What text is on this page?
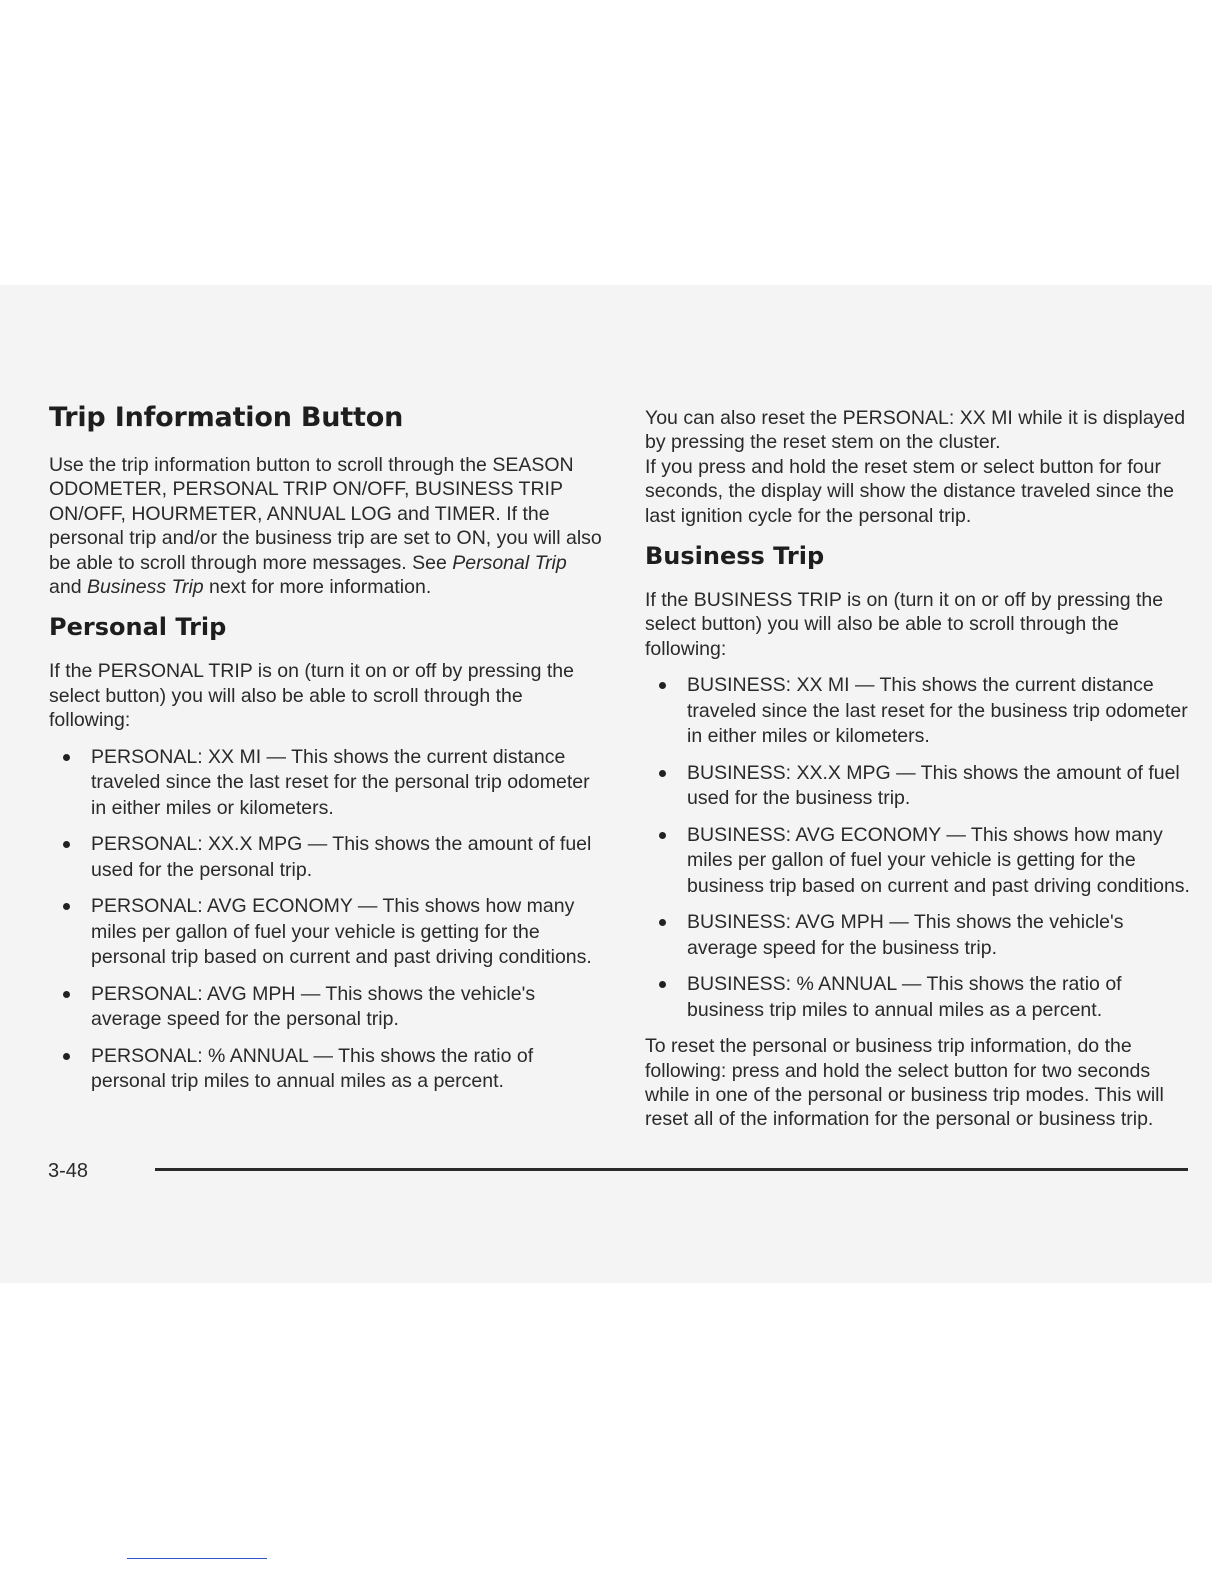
Trip Information Button

Use the trip information button to scroll through the SEASON ODOMETER, PERSONAL TRIP ON/OFF, BUSINESS TRIP ON/OFF, HOURMETER, ANNUAL LOG and TIMER. If the personal trip and/or the business trip are set to ON, you will also be able to scroll through more messages. See Personal Trip and Business Trip next for more information.

Personal Trip

If the PERSONAL TRIP is on (turn it on or off by pressing the select button) you will also be able to scroll through the following:

PERSONAL: XX MI — This shows the current distance traveled since the last reset for the personal trip odometer in either miles or kilometers.
PERSONAL: XX.X MPG — This shows the amount of fuel used for the personal trip.
PERSONAL: AVG ECONOMY — This shows how many miles per gallon of fuel your vehicle is getting for the personal trip based on current and past driving conditions.
PERSONAL: AVG MPH — This shows the vehicle's average speed for the personal trip.
PERSONAL: % ANNUAL — This shows the ratio of personal trip miles to annual miles as a percent.

You can also reset the PERSONAL: XX MI while it is displayed by pressing the reset stem on the cluster.

If you press and hold the reset stem or select button for four seconds, the display will show the distance traveled since the last ignition cycle for the personal trip.

Business Trip

If the BUSINESS TRIP is on (turn it on or off by pressing the select button) you will also be able to scroll through the following:

BUSINESS: XX MI — This shows the current distance traveled since the last reset for the business trip odometer in either miles or kilometers.
BUSINESS: XX.X MPG — This shows the amount of fuel used for the business trip.
BUSINESS: AVG ECONOMY — This shows how many miles per gallon of fuel your vehicle is getting for the business trip based on current and past driving conditions.
BUSINESS: AVG MPH — This shows the vehicle's average speed for the business trip.
BUSINESS: % ANNUAL — This shows the ratio of business trip miles to annual miles as a percent.

To reset the personal or business trip information, do the following: press and hold the select button for two seconds while in one of the personal or business trip modes. This will reset all of the information for the personal or business trip.

3-48
